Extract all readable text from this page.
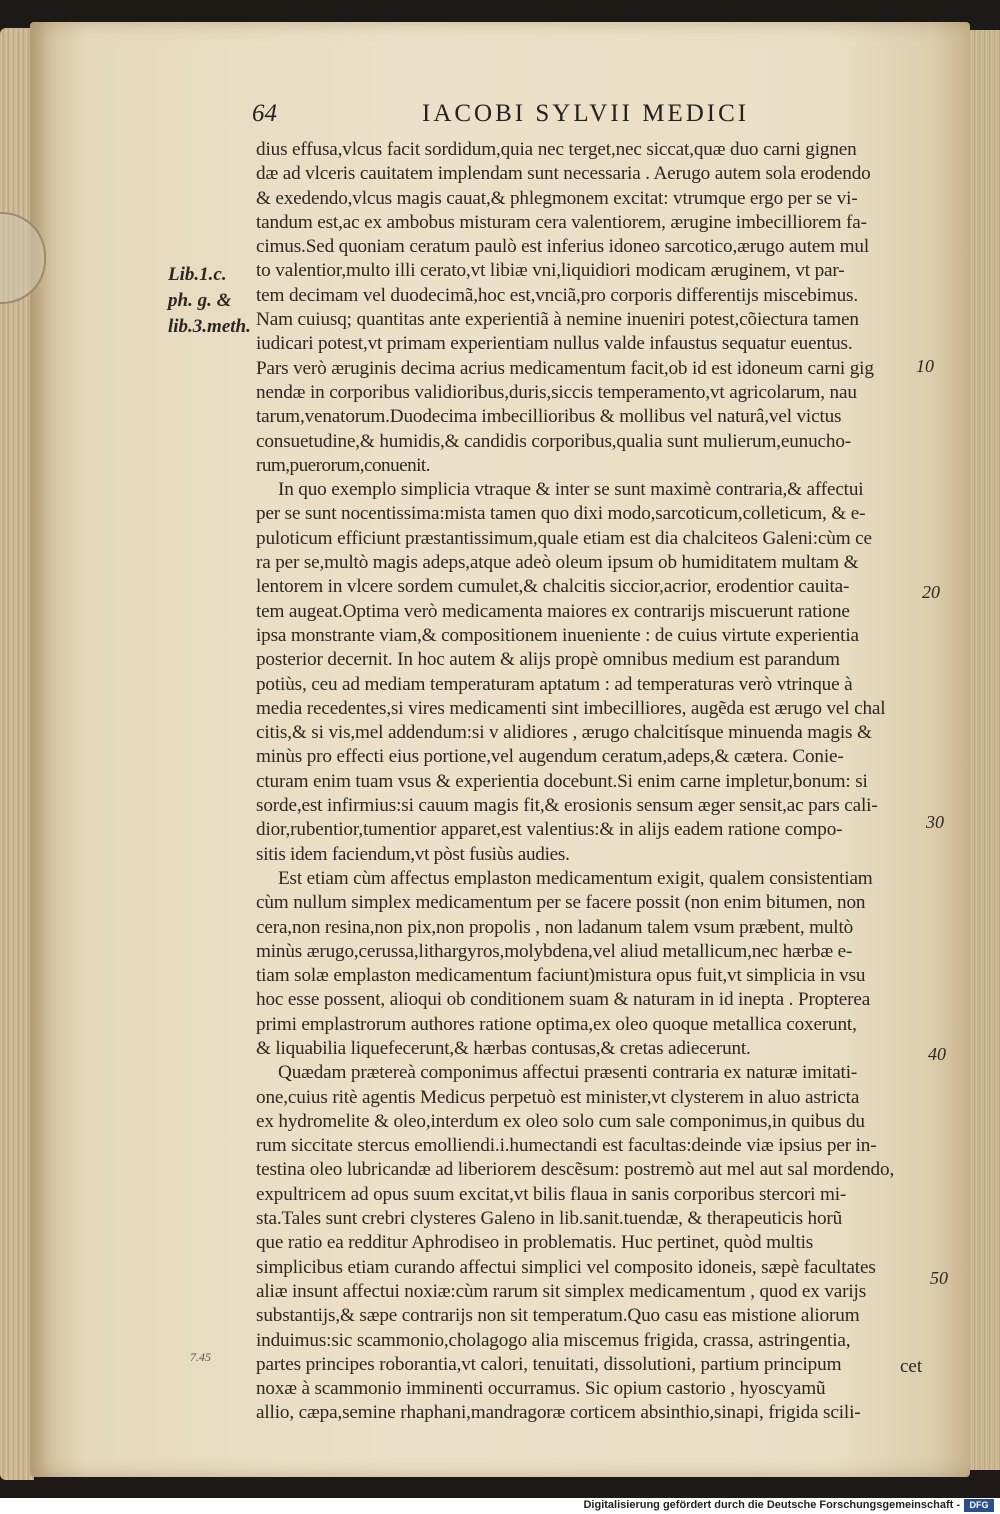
64	IACOBI SYLVII MEDICI
Lib.1.c.
ph. g. &
lib.3.meth.
dius effusa,vlcus facit sordidum,quia nec terget,nec siccat,quæ duo carni gignen
dæ ad vlceris cauitatem implendam sunt necessaria . Aerugo autem sola erodendo
& exedendo,vlcus magis cauat,& phlegmonem excitat: vtrumque ergo per se vi-
tandum est,ac ex ambobus misturam cera valentiorem, ærugine imbecilliorem fa-
cimus.Sed quoniam ceratum paulò est inferius idoneo sarcotico,ærugo autem mul
to valentior,multo illi cerato,vt libiæ vni,liquidiori modicam æruginem, vt par-
tem decimam vel duodecimã,hoc est,vnciã,pro corporis differentijs miscebimus.
Nam cuiusq; quantitas ante experientiã à nemine inueniri potest,cõiectura tamen
iudicari potest,vt primam experientiam nullus valde infaustus sequatur euentus.
Pars verò æruginis decima acrius medicamentum facit,ob id est idoneum carni gig
nendæ in corporibus validioribus,duris,siccis temperamento,vt agricolarum, nau
tarum,venatorum.Duodecima imbecillioribus & mollibus vel naturâ,vel victus
consuetudine,& humidis,& candidis corporibus,qualia sunt mulierum,eunucho-
rum,puerorum,conuenit.
In quo exemplo simplicia vtraque & inter se sunt maximè contraria,& affectui
per se sunt nocentissima:mista tamen quo dixi modo,sarcoticum,colleticum, & e-
puloticum efficiunt præstantissimum,quale etiam est dia chalciteos Galeni:cùm ce
ra per se,multò magis adeps,atque adeò oleum ipsum ob humiditatem multam &
lentorem in vlcere sordem cumulet,& chalcitis siccior,acrior, erodentior cauita-
tem augeat.Optima verò medicamenta maiores ex contrarijs miscuerunt ratione
ipsa monstrante viam,& compositionem inueniente : de cuius virtute experientia
posterior decernit. In hoc autem & alijs propè omnibus medium est parandum
potiùs, ceu ad mediam temperaturam aptatum : ad temperaturas verò vtrinque à
media recedentes,si vires medicamenti sint imbecilliores, augẽda est ærugo vel chal
citis,& si vis,mel addendum:si v alidiores , ærugo chalcitísque minuenda magis &
minùs pro effecti eius portione,vel augendum ceratum,adeps,& cætera. Conie-
cturam enim tuam vsus & experientia docebunt.Si enim carne impletur,bonum: si
sorde,est infirmius:si cauum magis fit,& erosionis sensum æger sensit,ac pars cali-
dior,rubentior,tumentior apparet,est valentius:& in alijs eadem ratione compo-
sitis idem faciendum,vt pòst fusiùs audies.
Est etiam cùm affectus emplaston medicamentum exigit, qualem consistentiam
cùm nullum simplex medicamentum per se facere possit (non enim bitumen, non
cera,non resina,non pix,non propolis , non ladanum talem vsum præbent, multò
minùs ærugo,cerussa,lithargyros,molybdena,vel aliud metallicum,nec hærbæ e-
tiam solæ emplaston medicamentum faciunt)mistura opus fuit,vt simplicia in vsu
hoc esse possent, alioqui ob conditionem suam & naturam in id inepta . Propterea
primi emplastrorum authores ratione optima,ex oleo quoque metallica coxerunt,
& liquabilia liquefecerunt,& hærbas contusas,& cretas adiecerunt.
Quædam prætereà componimus affectui præsenti contraria ex naturæ imitati-
one,cuius ritè agentis Medicus perpetuò est minister,vt clysterem in aluo astricta
ex hydromelite & oleo,interdum ex oleo solo cum sale componimus,in quibus du
rum siccitate stercus emolliendi.i.humectandi est facultas:deinde viæ ipsius per in-
testina oleo lubricandæ ad liberiorem descẽsum: postremò aut mel aut sal mordendo,
expultricem ad opus suum excitat,vt bilis flaua in sanis corporibus stercori mi-
sta.Tales sunt crebri clysteres Galeno in lib.sanit.tuendæ, & therapeuticis horũ
que ratio ea redditur Aphrodiseo in problematis. Huc pertinet, quòd multis
simplicibus etiam curando affectui simplici vel composito idoneis, sæpè facultates
aliæ insunt affectui noxiæ:cùm rarum sit simplex medicamentum , quod ex varijs
substantijs,& sæpe contrarijs non sit temperatum.Quo casu eas mistione aliorum
induimus:sic scammonio,cholagogo alia miscemus frigida, crassa, astringentia,
partes principes roborantia,vt calori, tenuitati, dissolutioni, partium principum
noxæ à scammonio imminenti occurramus. Sic opium castorio , hyoscyamũ
allio, cæpa,semine rhaphani,mandragoræ corticem absinthio,sinapi, frigida scili-
10
20
30
40
50
7.45	cet
Digitalisierung gefördert durch die Deutsche Forschungsgemeinschaft -	DFG
